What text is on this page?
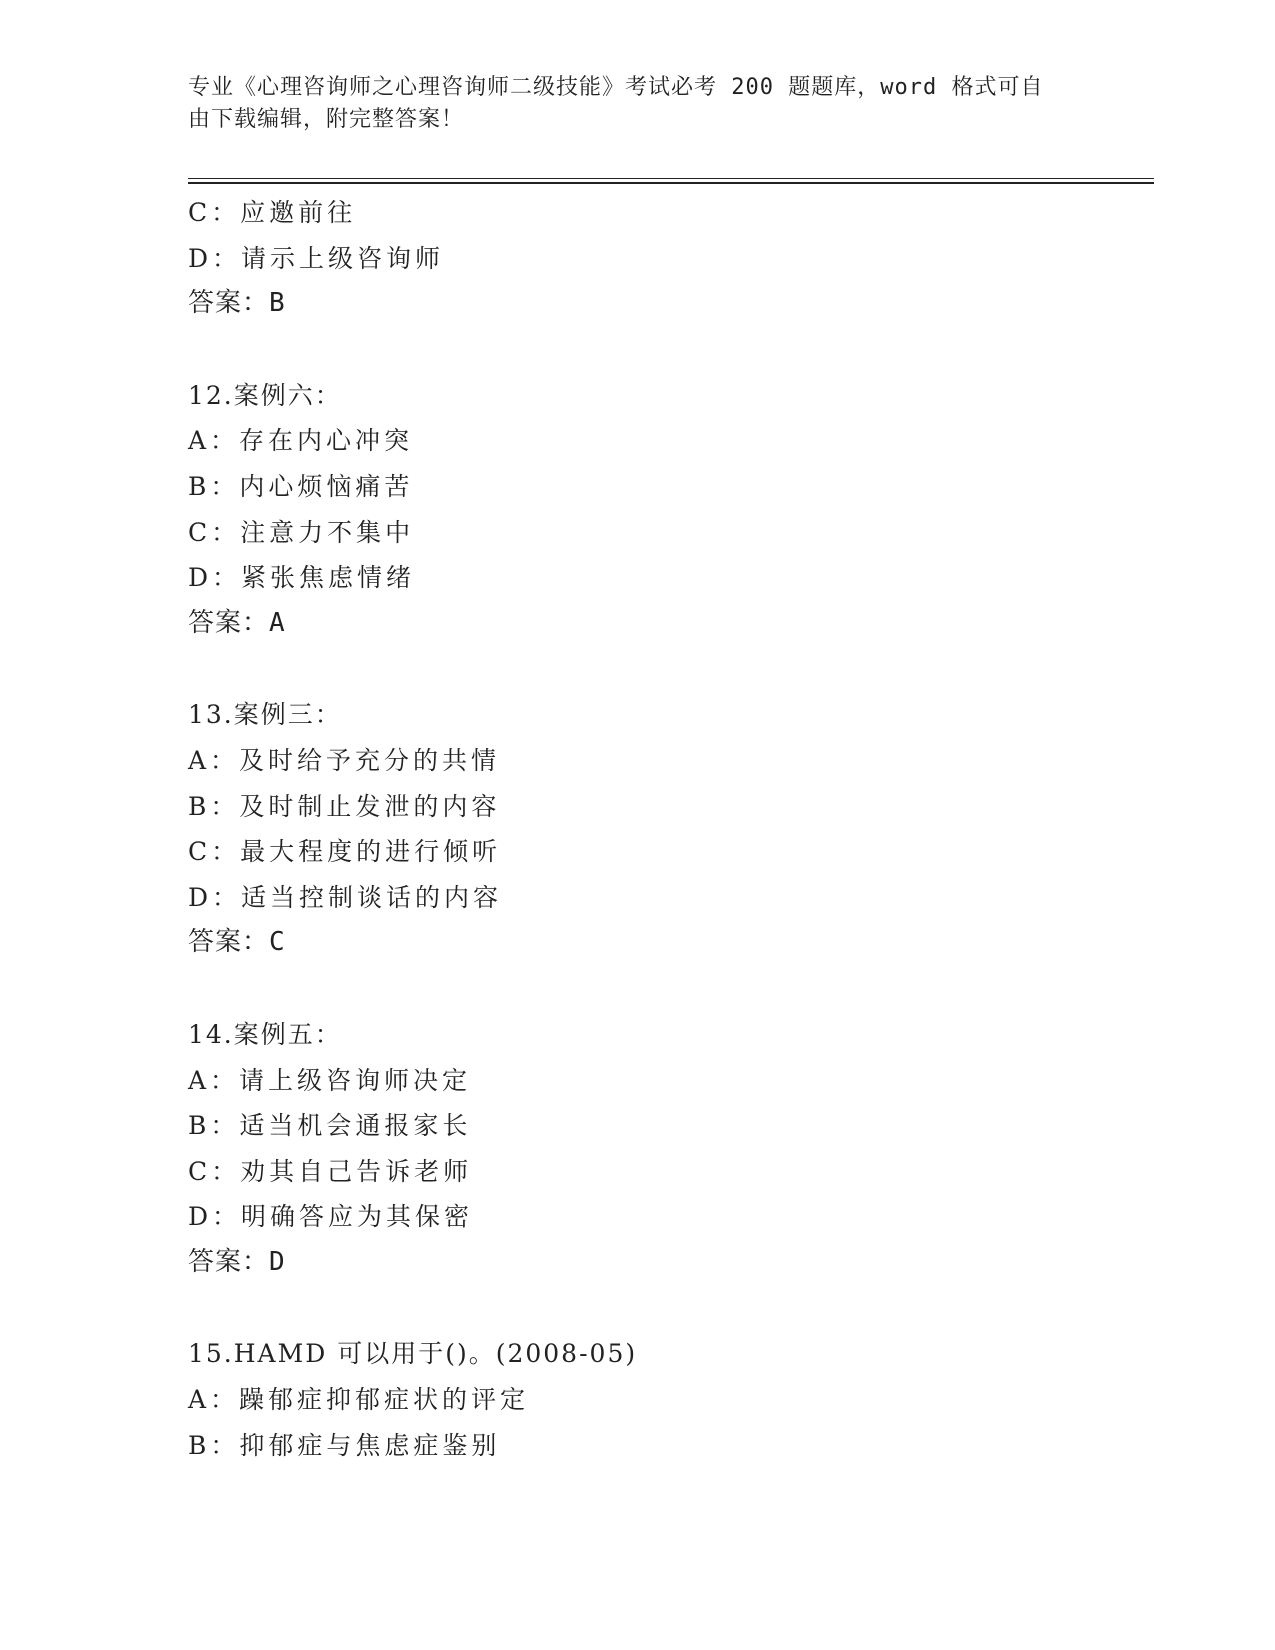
专业《心理咨询师之心理咨询师二级技能》考试必考 200 题题库，word 格式可自
由下载编辑，附完整答案！
C：应邀前往
D：请示上级咨询师
答案：B
12.案例六：
A：存在内心冲突
B：内心烦恼痛苦
C：注意力不集中
D：紧张焦虑情绪
答案：A
13.案例三：
A：及时给予充分的共情
B：及时制止发泄的内容
C：最大程度的进行倾听
D：适当控制谈话的内容
答案：C
14.案例五：
A：请上级咨询师决定
B：适当机会通报家长
C：劝其自己告诉老师
D：明确答应为其保密
答案：D
15.HAMD 可以用于()。(2008-05)
A：躁郁症抑郁症状的评定
B：抑郁症与焦虑症鉴别
